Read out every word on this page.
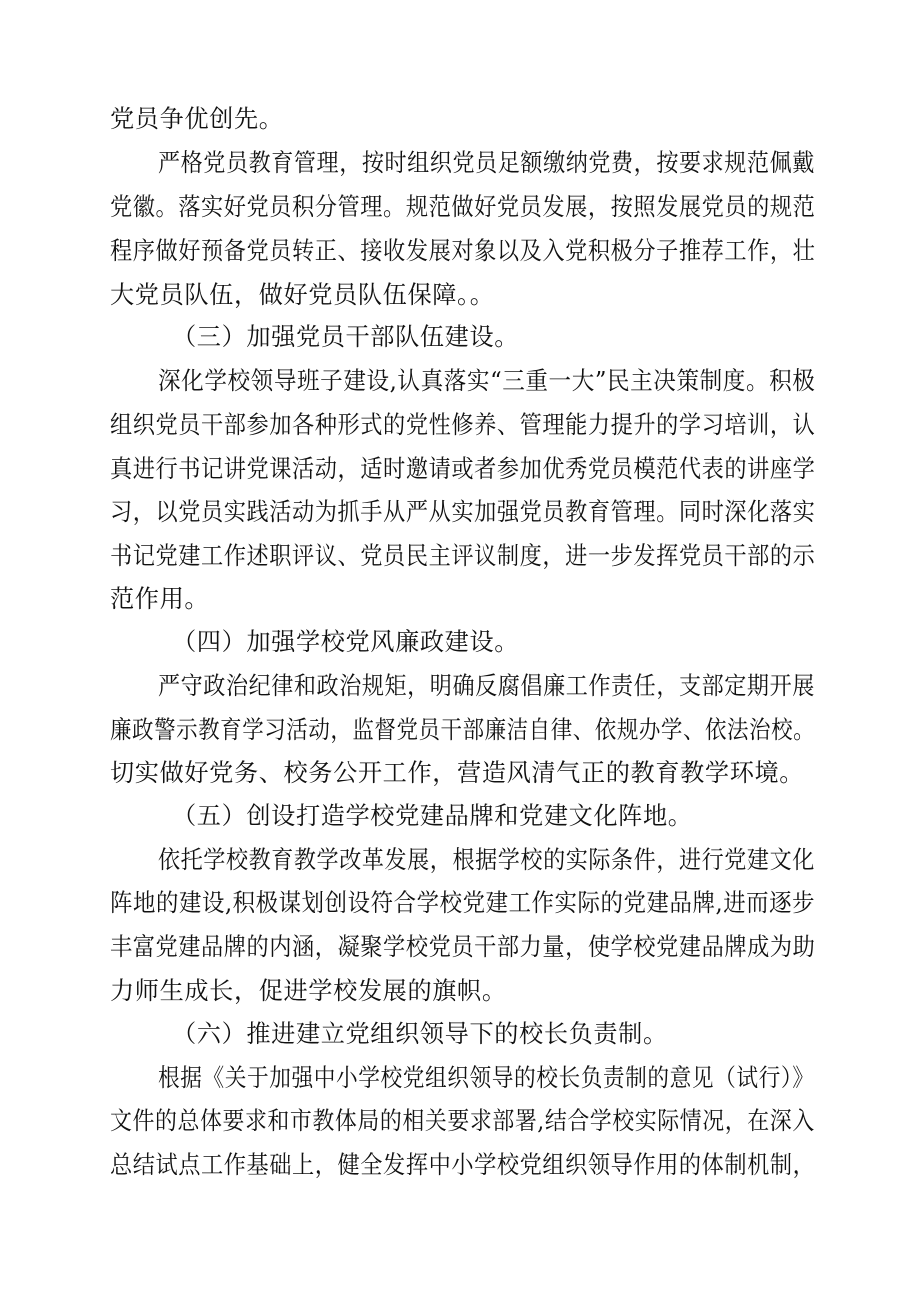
党员争优创先。
严格党员教育管理，按时组织党员足额缴纳党费，按要求规范佩戴
党徽。落实好党员积分管理。规范做好党员发展，按照发展党员的规范
程序做好预备党员转正、接收发展对象以及入党积极分子推荐工作，壮
大党员队伍，做好党员队伍保障。。
（三）加强党员干部队伍建设。
深化学校领导班子建设,认真落实“三重一大”民主决策制度。积极
组织党员干部参加各种形式的党性修养、管理能力提升的学习培训，认
真进行书记讲党课活动，适时邀请或者参加优秀党员模范代表的讲座学
习，以党员实践活动为抓手从严从实加强党员教育管理。同时深化落实
书记党建工作述职评议、党员民主评议制度，进一步发挥党员干部的示
范作用。
（四）加强学校党风廉政建设。
严守政治纪律和政治规矩，明确反腐倡廉工作责任，支部定期开展
廉政警示教育学习活动，监督党员干部廉洁自律、依规办学、依法治校。
切实做好党务、校务公开工作，营造风清气正的教育教学环境。
（五）创设打造学校党建品牌和党建文化阵地。
依托学校教育教学改革发展，根据学校的实际条件，进行党建文化
阵地的建设,积极谋划创设符合学校党建工作实际的党建品牌,进而逐步
丰富党建品牌的内涵，凝聚学校党员干部力量，使学校党建品牌成为助
力师生成长，促进学校发展的旗帜。
（六）推进建立党组织领导下的校长负责制。
根据《关于加强中小学校党组织领导的校长负责制的意见（试行）》
文件的总体要求和市教体局的相关要求部署,结合学校实际情况，在深入
总结试点工作基础上，健全发挥中小学校党组织领导作用的体制机制，
